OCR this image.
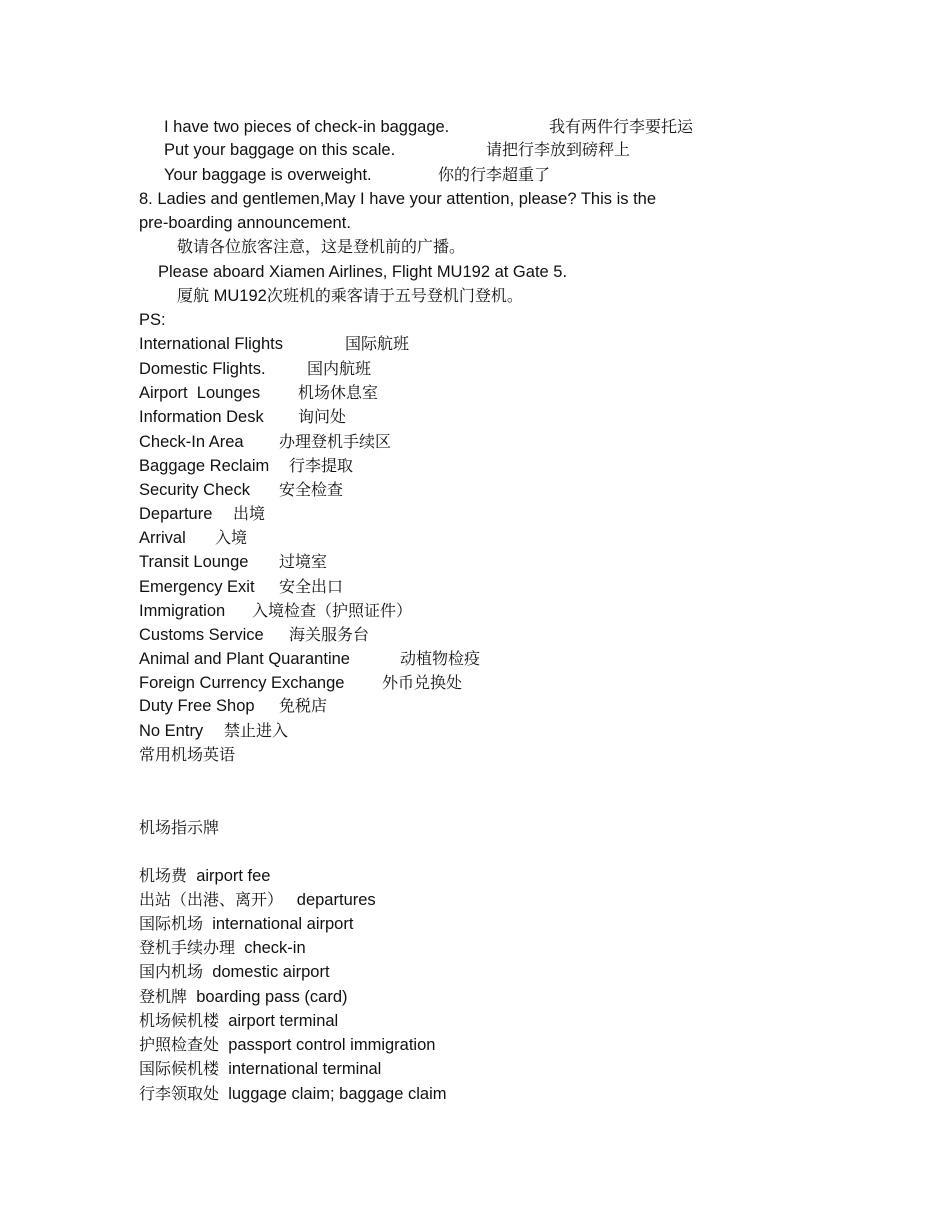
I have two pieces of check-in baggage.	我有两件行李要托运
Put your baggage on this scale.	请把行李放到磅秤上
Your baggage is overweight.	你的行李超重了
8. Ladies and gentlemen,May I have your attention, please? This is the
pre-boarding announcement.
敬请各位旅客注意，这是登机前的广播。
Please aboard Xiamen Airlines, Flight MU192 at Gate 5.
厦航 MU192次班机的乘客请于五号登机门登机。
PS:
International Flights	国际航班
Domestic Flights.	国内航班
Airport  Lounges 机场休息室
Information Desk 询问处
Check-In Area 办理登机手续区
Baggage Reclaim 行李提取
Security Check 安全检查
Departure 出境
Arrival 入境
Transit Lounge 过境室
Emergency Exit 安全出口
Immigration 入境检查（护照证件）
Customs Service 海关服务台
Animal and Plant Quarantine	动植物检疫
Foreign Currency Exchange 外币兑换处
Duty Free Shop 免税店
No Entry 禁止进入
常用机场英语
机场指示牌
机场费 airport fee
出站（出港、离开） departures
国际机场 international airport
登机手续办理 check-in
国内机场 domestic airport
登机牌 boarding pass (card)
机场候机楼 airport terminal
护照检查处 passport control immigration
国际候机楼 international terminal
行李领取处 luggage claim; baggage claim
